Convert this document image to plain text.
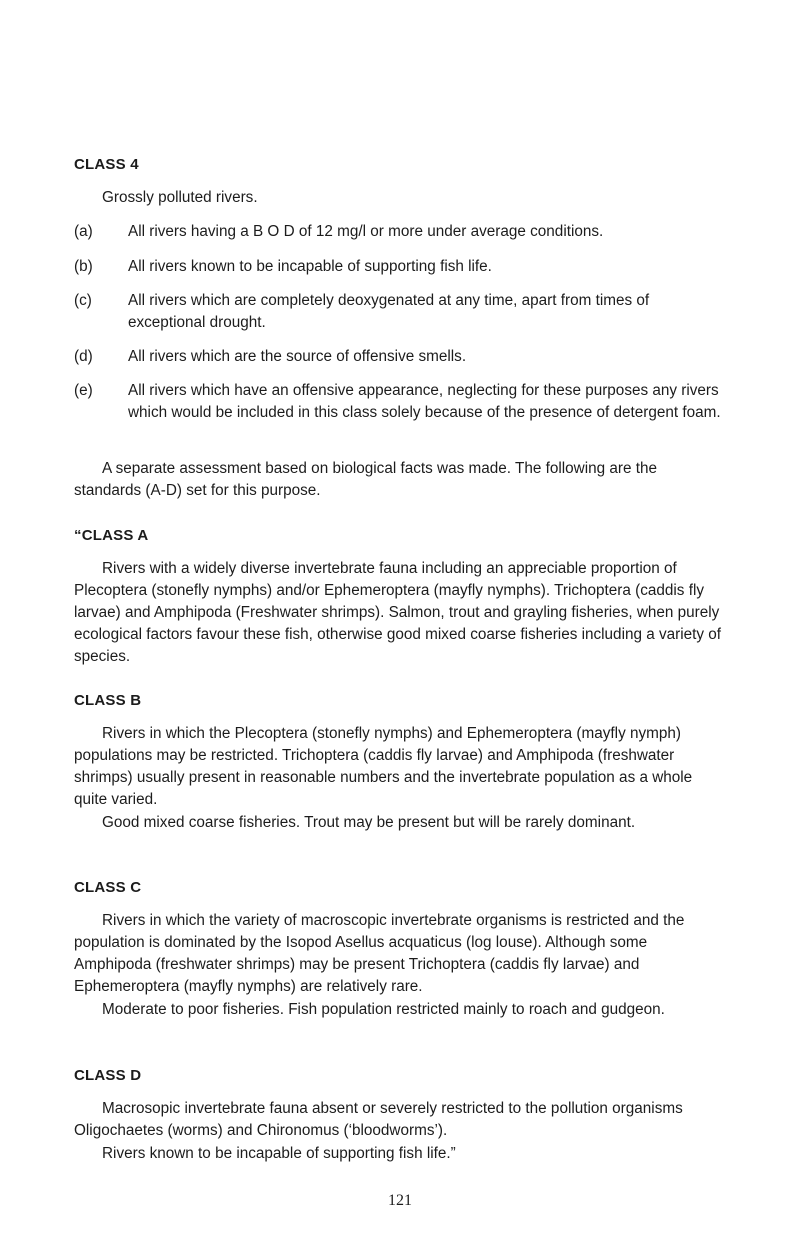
CLASS 4

Grossly polluted rivers.

(a)	All rivers having a B O D of 12 mg/l or more under average conditions.
(b)	All rivers known to be incapable of supporting fish life.
(c)	All rivers which are completely deoxygenated at any time, apart from times of exceptional drought.
(d)	All rivers which are the source of offensive smells.
(e)	All rivers which have an offensive appearance, neglecting for these purposes any rivers which would be included in this class solely because of the presence of detergent foam.

A separate assessment based on biological facts was made. The following are the standards (A-D) set for this purpose.

“CLASS A

Rivers with a widely diverse invertebrate fauna including an appreciable proportion of Plecoptera (stonefly nymphs) and/or Ephemeroptera (mayfly nymphs). Trichoptera (caddis fly larvae) and Amphipoda (Freshwater shrimps). Salmon, trout and grayling fisheries, when purely ecological factors favour these fish, otherwise good mixed coarse fisheries including a variety of species.

CLASS B

Rivers in which the Plecoptera (stonefly nymphs) and Ephemeroptera (mayfly nymph) populations may be restricted. Trichoptera (caddis fly larvae) and Amphipoda (freshwater shrimps) usually present in reasonable numbers and the invertebrate population as a whole quite varied.

Good mixed coarse fisheries. Trout may be present but will be rarely dominant.

CLASS C

Rivers in which the variety of macroscopic invertebrate organisms is restricted and the population is dominated by the Isopod Asellus acquaticus (log louse). Although some Amphipoda (freshwater shrimps) may be present Trichoptera (caddis fly larvae) and Ephemeroptera (mayfly nymphs) are relatively rare.

Moderate to poor fisheries. Fish population restricted mainly to roach and gudgeon.

CLASS D

Macrosopic invertebrate fauna absent or severely restricted to the pollution organisms Oligochaetes (worms) and Chironomus (‘bloodworms’).

Rivers known to be incapable of supporting fish life.”

121
